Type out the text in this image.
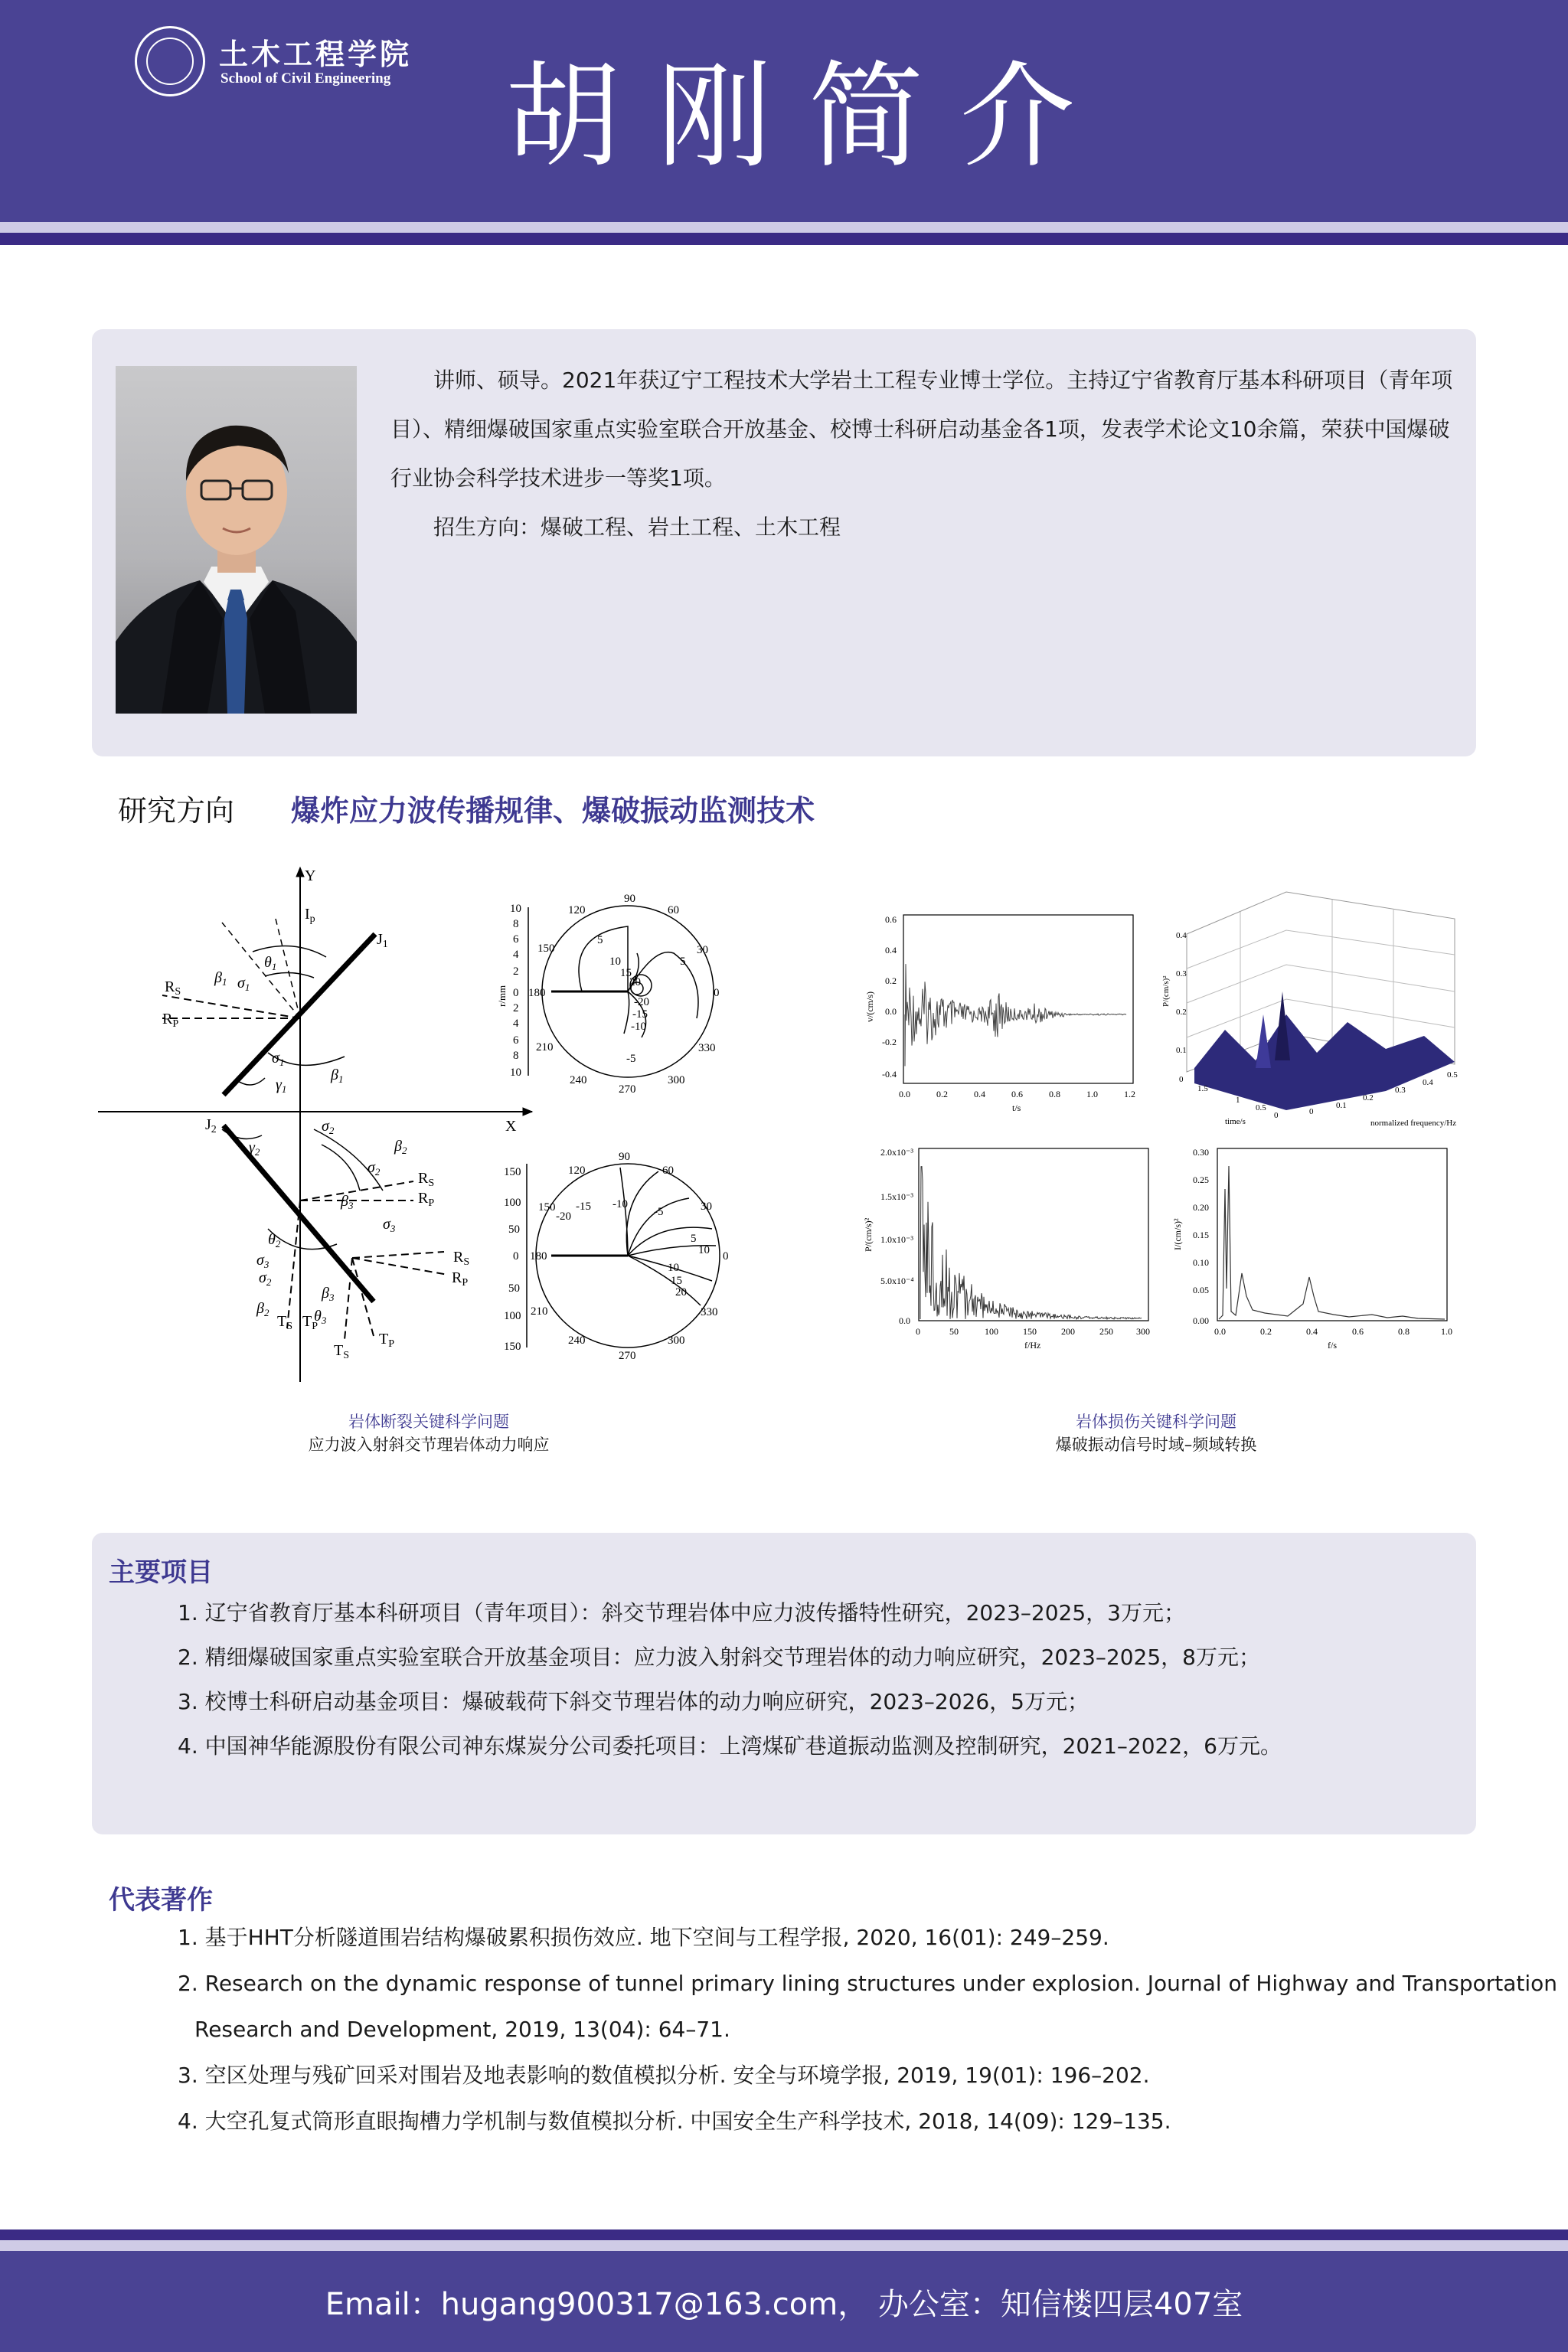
土木工程学院
School of Civil Engineering 胡刚简介

讲师、硕导。2021年获辽宁工程技术大学岩土工程专业博士学位。主持辽宁省教育厅基本科研项目（青年项目）、精细爆破国家重点实验室联合开放基金、校博士科研启动基金各1项，发表学术论文10余篇，荣获中国爆破行业协会科学技术进步一等奖1项。

招生方向：爆破工程、岩土工程、土木工程

研究方向 爆炸应力波传播规律、爆破振动监测技术
Y
X
$I_p$
$J_1$
$J_2$
$R_S$
$R_P$
$R_S$
$R_P$
$R_S$
$R_P$
$T_S$ $T_P$
$T_S$
$T_P$
$\beta_1$
$\theta_1$
$\sigma_1$
$\sigma_1$
$\beta_1$
$\gamma_1$
$\sigma_2$
$\beta_2$
$\sigma_2$
$\beta_3$
$\sigma_3$
$\gamma_2$
$\theta_2$
$\sigma_2$
$\beta_2$
$\beta_3$
$\theta_3$
$\sigma_3$
90
60
30
0
330
300
270
240
210
180
150
120
10
8
6
4
2
0
2
4
6
8
10
r/mm
5
10
15
20
5
-20
-15
-10
-5
90
60
30
0
330
300
270
240
210
180
150
120
150
100
50
0
50
100
150
-20
-15 -10
-5
5
10
10
15
20
0.6
0.4
0.2
0.0
-0.2
-0.4
0.0	0.2	0.4	0.6	0.8	1.0	1.2
t/s
v/(cm/s)
0.4
0.3
0.2
0.1
0
1.5
1
0.5
0	0
0.1
0.2
0.3
0.4
0.5
time/s	normalized frequency/Hz
P/(cm/s)²
2.0x10⁻³
1.5x10⁻³
1.0x10⁻³
5.0x10⁻⁴
0.0
0	50	100	150	200	250	300
f/Hz
P/(cm/s)²
0.30
0.25
0.20
0.15
0.10
0.05
0.00
0.0	0.2	0.4	0.6	0.8	1.0
f/s
I/(cm/s)²
岩体断裂关键科学问题
应力波入射斜交节理岩体动力响应
岩体损伤关键科学问题
爆破振动信号时域–频域转换
主要项目
1. 辽宁省教育厅基本科研项目（青年项目）：斜交节理岩体中应力波传播特性研究，2023–2025，3万元；
2. 精细爆破国家重点实验室联合开放基金项目：应力波入射斜交节理岩体的动力响应研究，2023–2025，8万元；
3. 校博士科研启动基金项目：爆破载荷下斜交节理岩体的动力响应研究，2023–2026，5万元；
4. 中国神华能源股份有限公司神东煤炭分公司委托项目：上湾煤矿巷道振动监测及控制研究，2021–2022，6万元。
代表著作
1. 基于HHT分析隧道围岩结构爆破累积损伤效应. 地下空间与工程学报, 2020, 16(01): 249–259.
2. Research on the dynamic response of tunnel primary lining structures under explosion. Journal of Highway and Transportation
Research and Development, 2019, 13(04): 64–71.
3. 空区处理与残矿回采对围岩及地表影响的数值模拟分析. 安全与环境学报, 2019, 19(01): 196–202.
4. 大空孔复式筒形直眼掏槽力学机制与数值模拟分析. 中国安全生产科学技术, 2018, 14(09): 129–135.
Email：hugang900317@163.com， 办公室：知信楼四层407室
